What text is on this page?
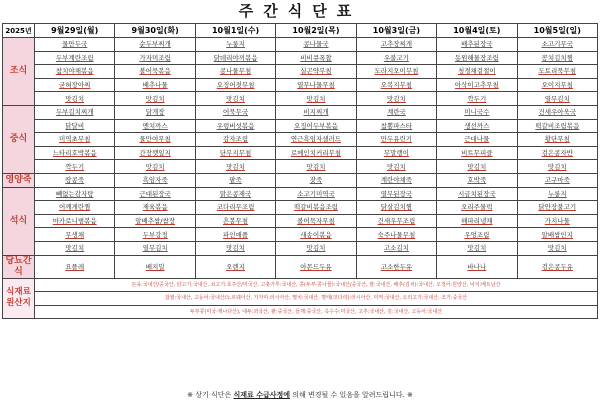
주간식단표
2025년	9월29일(월)	9월30일(화)	10월1일(수)	10월2일(목)	10월3일(금)	10월4일(토)	10월5일(일)
조식	물만두국	순두부찌개	누룽지	콩나물국	고추장찌개	배추된장국	소고기무국
	두부계란조림	가자미조림	닭데리야끼볶음	비비큐폭찹	우불고기	동원해물장조림	꽁치김치찜
	참치야채볶음	볼어묵볶음	콩나물무침	실곤약무침	도라지오이무침	청경채겉절이	도토리묵무침
	굳혀장아찌	배추나물	오징어젓무침	열무나물무침	오복지무침	아삭이고추무침	오이지무침
	맛김치	맛김치	맛김치	맛김치	맛김치	깍두기	열무김치
중식	두부김치찌개	닭개장	어묵무국	비지찌개	계란국	미니국수	건새우아욱국
	닭달비	멘치까스	우렁버섯볶음	오징어두부볶음	참뽕파스타	생선까스	떡갈비조림볶음
	미역초무침	물만여무침	감자조림	연근흑임자샐러드	만두유린기	근대나물	황단무침
	느타리호박볶음	간장깻잎지	단무지무침	로메인치커리무침	무말랭이	비트무피클	검은콩자반
	깍두기	맛김치	맛김치	맛김치	맛김치	맛김치	맛김치
영양죽	땅콩죽	흑임자죽	팥죽	잣죽	계란야채죽	호박죽	고구마죽
석식	빼없는감자탕	근대된장국	맑은콩재국	소고기미역국	열무된장국	시금치된장국	누룽지
	어깨게란찜	제육볶음	코다리무조림	떡갈비볶음조림	닭살김치찜	오리주물럭	닭안장불고기
	마카로니범볶음	알배추쌈/쌈장	흔봉무침	볼어묵자무침	건새우무조림	해파리냉채	가지나물
	무생채	두부강정	파인애플	새송이볶음	숙주나물무침	우엉조림	알배쌈인지
	맛김치	열무김치	맛김치	맛김치	고소김치	맛김치	맛김치
당뇨간식	요플레	베지밀	오렌지	아몬드두유	고소한두유	바나나	검은콩두유
식재료원산지	돈육:국내산/중국산, 닭고기:국내산, 쇠고기:호주산/미국산, 고춧가루:국내산, 콩(두부·콩나물):국내산/중국산, 쌀:국내산, 배추(김치):국내산, 오징어:원양산, 낙지:베트남산						
	찹쌀:국내산, 고등어:국내산/노르웨이산, 가자미:러시아산, 멸치:국내산, 명태(코다리):러시아산, 미역:국내산, 오리고기:국내산, 조기:중국산						
	두부콩(미국·캐나다산), 대두:외국산, 팥:중국산, 들깨:중국산, 옥수수:미국산, 고추:국내산, 김:국내산, 고등어:국내산						
※ 상기 식단은 식재료 수급사정에 의해 변경될 수 있음을 알려드립니다. ※
